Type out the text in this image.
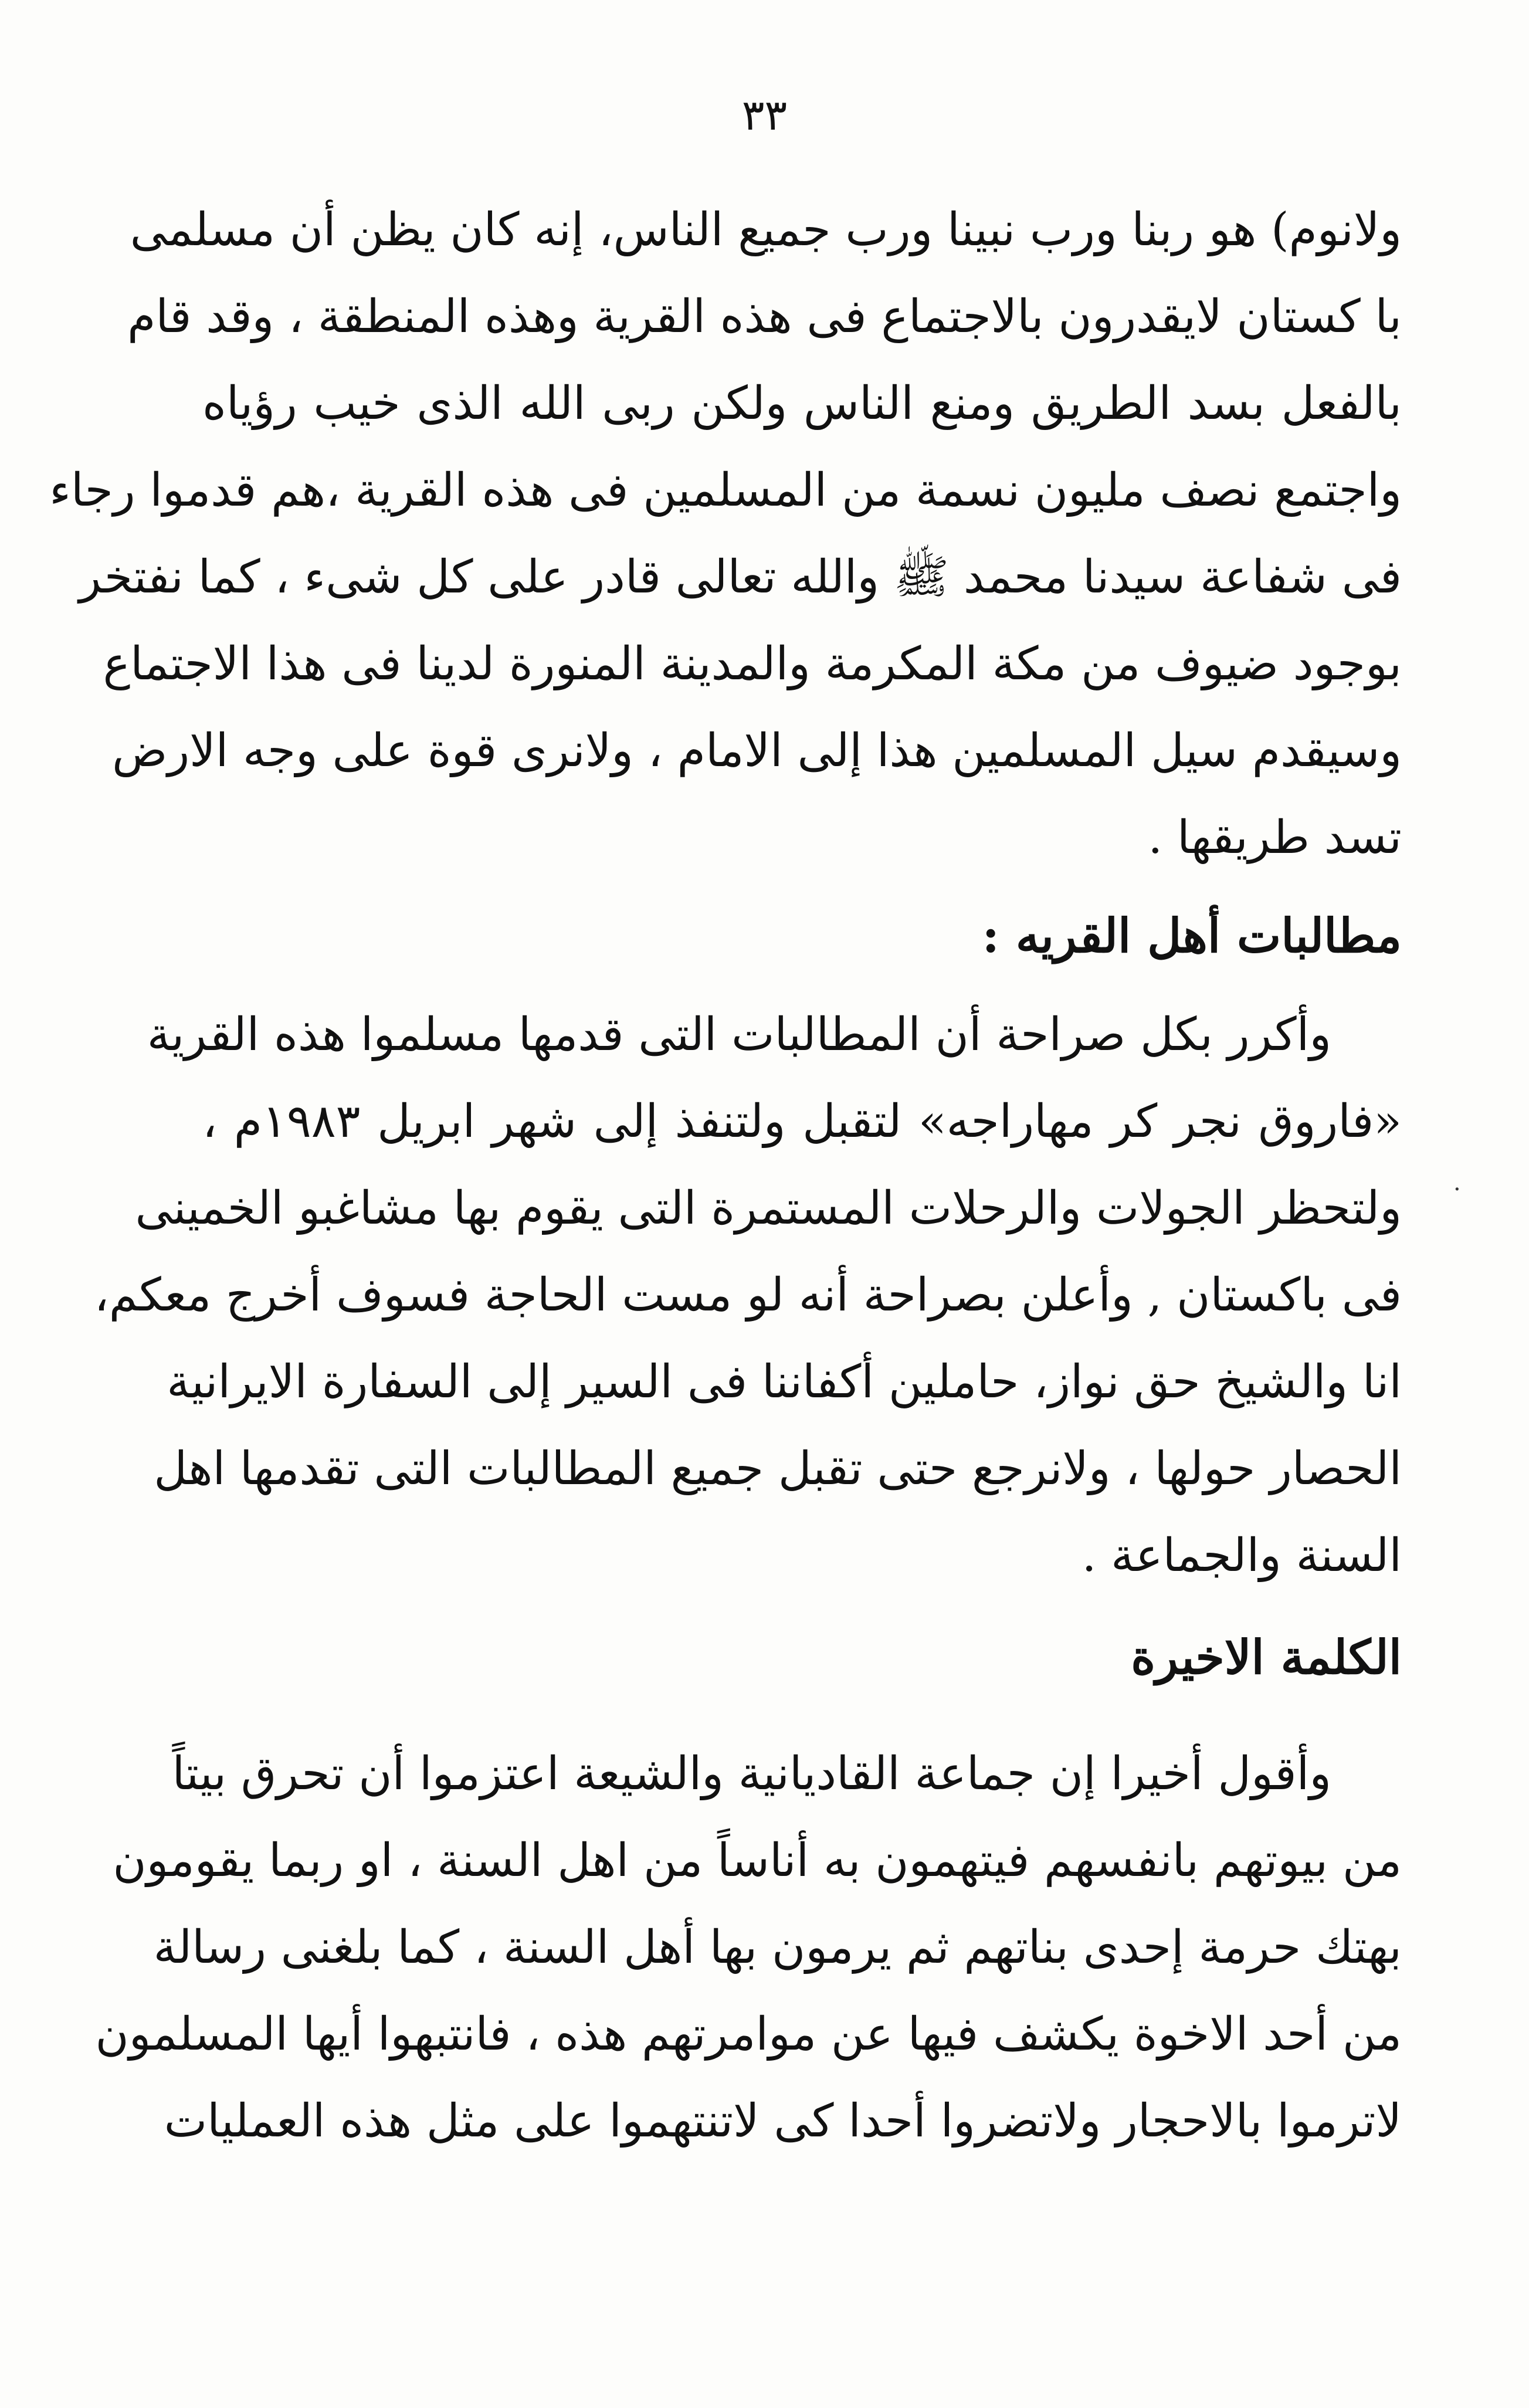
٣٣
ولانوم) هو ربنا ورب نبينا ورب جميع الناس، إنه كان يظن أن مسلمى
با كستان لايقدرون بالاجتماع فى هذه القرية وهذه المنطقة ، وقد قام
بالفعل بسد الطريق ومنع الناس ولكن ربى الله الذى خيب رؤياه
واجتمع نصف مليون نسمة من المسلمين فى هذه القرية ،هم قدموا رجاء
فى شفاعة سيدنا محمد ﷺ والله تعالى قادر على كل شىء ، كما نفتخر
بوجود ضيوف من مكة المكرمة والمدينة المنورة لدينا فى هذا الاجتماع
وسيقدم سيل المسلمين هذا إلى الامام ، ولانرى قوة على وجه الارض
تسد طريقها .
مطالبات أهل القريه :
وأكرر بكل صراحة أن المطالبات التى قدمها مسلموا هذه القرية
«فاروق نجر كر مهاراجه» لتقبل ولتنفذ إلى شهر ابريل ١٩٨٣م ،
ولتحظر الجولات والرحلات المستمرة التى يقوم بها مشاغبو الخمينى
فى باكستان , وأعلن بصراحة أنه لو مست الحاجة فسوف أخرج معكم،
انا والشيخ حق نواز، حاملين أكفاننا فى السير إلى السفارة الايرانية
الحصار حولها ، ولانرجع حتى تقبل جميع المطالبات التى تقدمها اهل
السنة والجماعة .
الكلمة الاخيرة
وأقول أخيرا إن جماعة القاديانية والشيعة اعتزموا أن تحرق بيتاً
من بيوتهم بانفسهم فيتهمون به أناساً من اهل السنة ، او ربما يقومون
بهتك حرمة إحدى بناتهم ثم يرمون بها أهل السنة ، كما بلغنى رسالة
من أحد الاخوة يكشف فيها عن موامرتهم هذه ، فانتبهوا أيها المسلمون
لاترموا بالاحجار ولاتضروا أحدا كى لاتنتهموا على مثل هذه العمليات
·
